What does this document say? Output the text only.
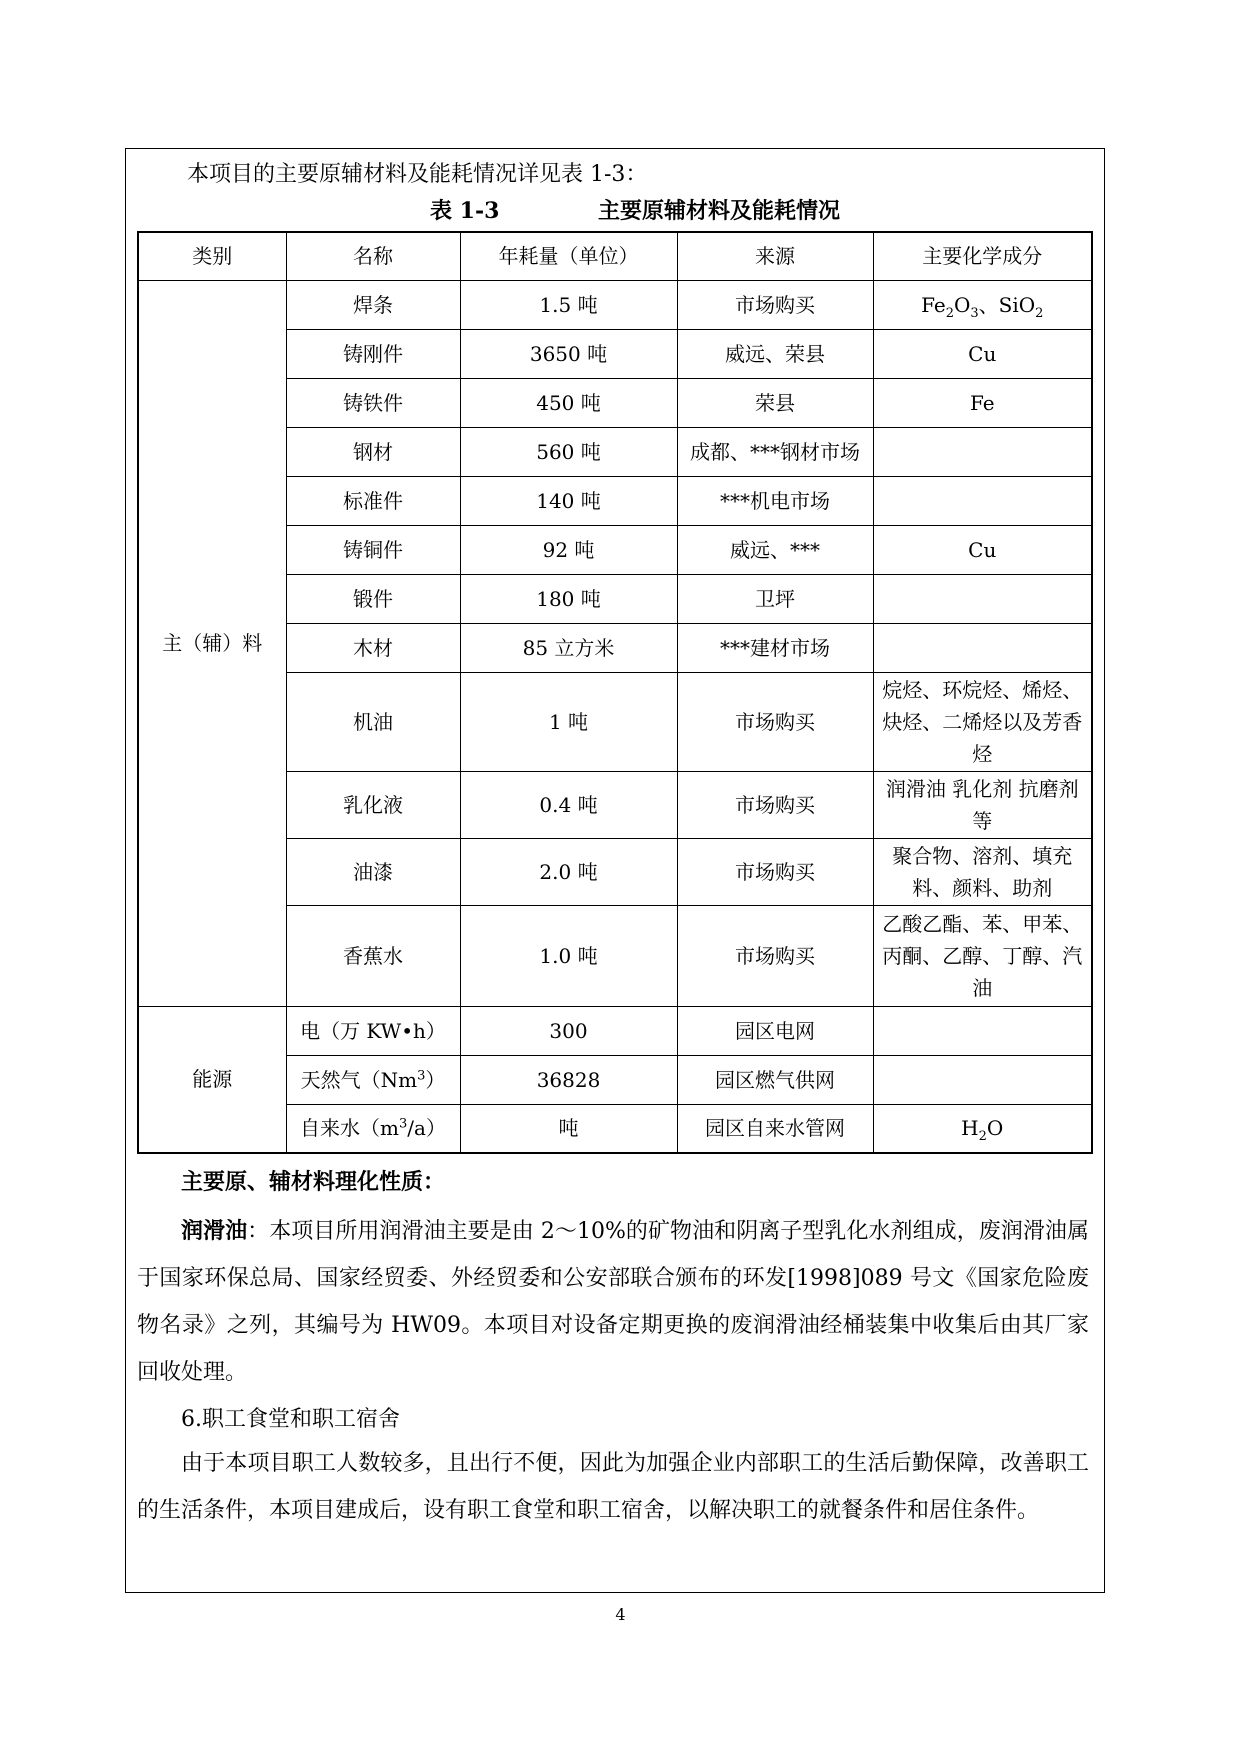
本项目的主要原辅材料及能耗情况详见表 1-3：
表 1-3	主要原辅材料及能耗情况
类别	名称	年耗量（单位）	来源	主要化学成分
主（辅）料	焊条	1.5 吨	市场购买	$Fe_2O_3$、SiO$_2$
	铸刚件	3650 吨	威远、荣县	Cu
	铸铁件	450 吨	荣县	Fe
	钢材	560 吨	成都、***钢材市场	
	标准件	140 吨	***机电市场	
	铸铜件	92 吨	威远、***	Cu
	锻件	180 吨	卫坪	
	木材	85 立方米	***建材市场	
	机油	1 吨	市场购买	烷烃、环烷烃、烯烃、炔烃、二烯烃以及芳香烃
	乳化液	0.4 吨	市场购买	润滑油 乳化剂 抗磨剂等
	油漆	2.0 吨	市场购买	聚合物、溶剂、填充料、颜料、助剂
	香蕉水	1.0 吨	市场购买	乙酸乙酯、苯、甲苯、丙酮、乙醇、丁醇、汽油
能源	电（万 KW•h）	300	园区电网	
	天然气（Nm$^3$）	36828	园区燃气供网	
	自来水$(m^3/a)$	吨	园区自来水管网	$H_2O$
主要原、辅材料理化性质：
润滑油：本项目所用润滑油主要是由 2～10%的矿物油和阴离子型乳化水剂组成，废润滑油属于国家环保总局、国家经贸委、外经贸委和公安部联合颁布的环发[1998]089 号文《国家危险废物名录》之列，其编号为 HW09。本项目对设备定期更换的废润滑油经桶装集中收集后由其厂家回收处理。
6.职工食堂和职工宿舍
由于本项目职工人数较多，且出行不便，因此为加强企业内部职工的生活后勤保障，改善职工的生活条件，本项目建成后，设有职工食堂和职工宿舍，以解决职工的就餐条件和居住条件。
4
